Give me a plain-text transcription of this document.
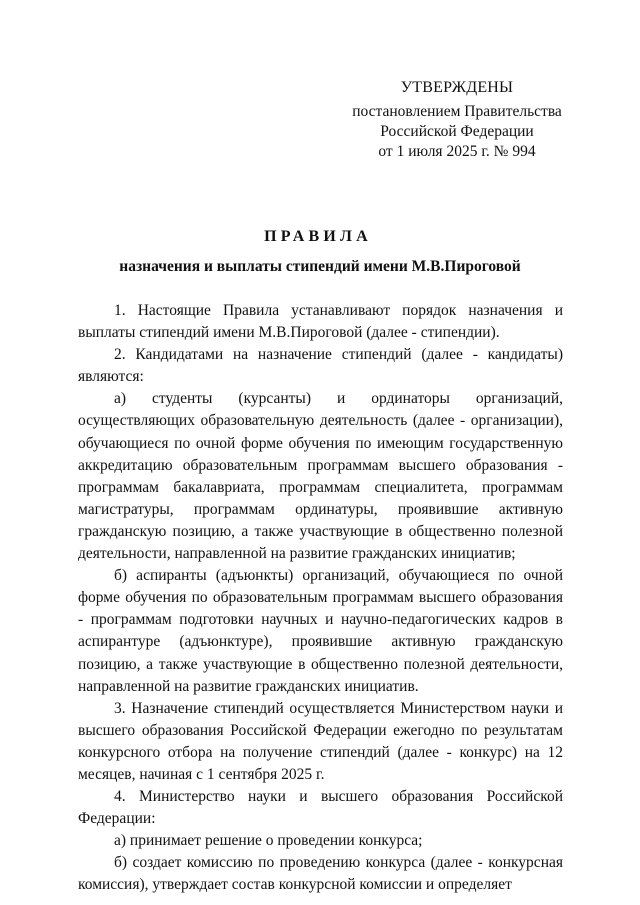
УТВЕРЖДЕНЫ
постановлением Правительства
Российской Федерации
от 1 июля 2025 г. № 994
ПРАВИЛА
назначения и выплаты стипендий имени М.В.Пироговой

1. Настоящие Правила устанавливают порядок назначения и выплаты стипендий имени М.В.Пироговой (далее - стипендии).

2. Кандидатами на назначение стипендий (далее - кандидаты) являются:

а) студенты (курсанты) и ординаторы организаций, осуществляющих образовательную деятельность (далее - организации), обучающиеся по очной форме обучения по имеющим государственную аккредитацию образовательным программам высшего образования - программам бакалавриата, программам специалитета, программам магистратуры, программам ординатуры, проявившие активную гражданскую позицию, а также участвующие в общественно полезной деятельности, направленной на развитие гражданских инициатив;

б) аспиранты (адъюнкты) организаций, обучающиеся по очной форме обучения по образовательным программам высшего образования - программам подготовки научных и научно-педагогических кадров в аспирантуре (адъюнктуре), проявившие активную гражданскую позицию, а также участвующие в общественно полезной деятельности, направленной на развитие гражданских инициатив.

3. Назначение стипендий осуществляется Министерством науки и высшего образования Российской Федерации ежегодно по результатам конкурсного отбора на получение стипендий (далее - конкурс) на 12 месяцев, начиная с 1 сентября 2025 г.

4. Министерство науки и высшего образования Российской Федерации:

а) принимает решение о проведении конкурса;

б) создает комиссию по проведению конкурса (далее - конкурсная комиссия), утверждает состав конкурсной комиссии и определяет
